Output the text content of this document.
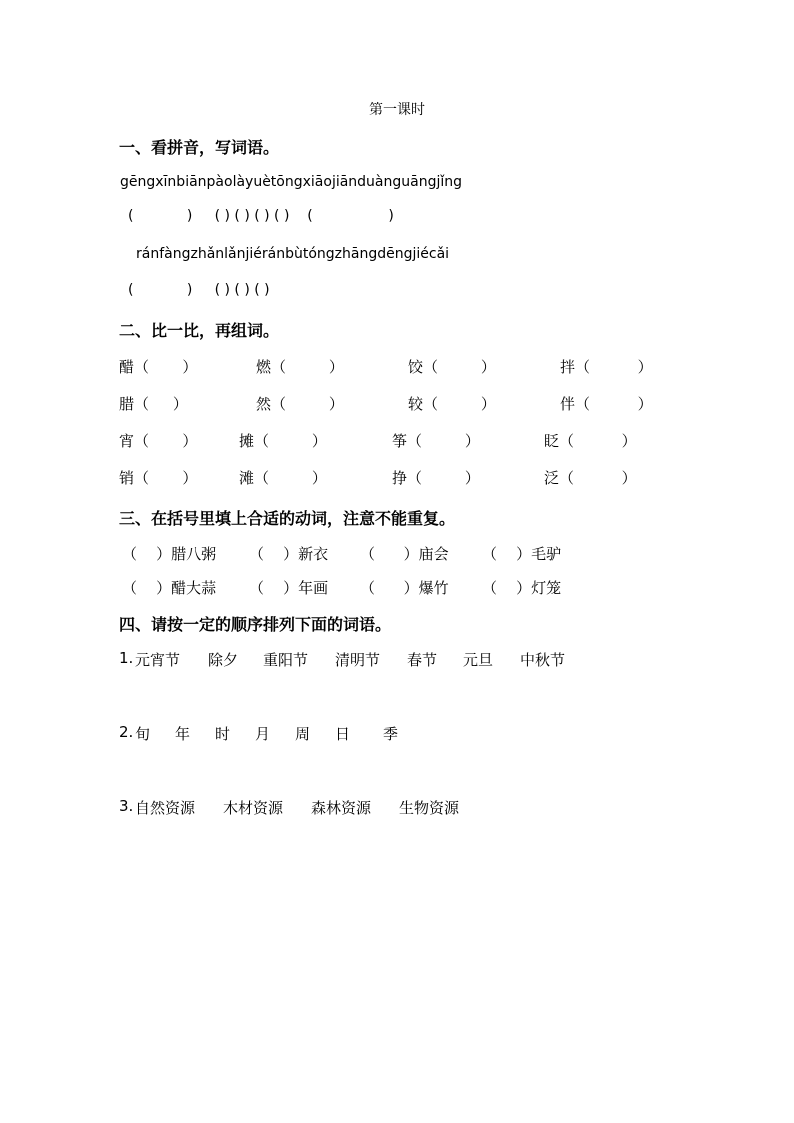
第一课时
一、看拼音，写词语。
gēngxīnbiānpàolàyuètōngxiāojiānduànguāngjǐng
(            )     ( ) ( ) ( ) ( )    (                 )
ránfàngzhǎnlǎnjiéránbùtóngzhāngdēngjiécǎi
(            )     ( ) ( ) ( )
二、比一比，再组词。
醋（       ）	燃（         ）	饺（         ）	拌（          ）
腊（     ）	然（         ）	较（         ）	伴（          ）
宵（       ）	摊（         ）	筝（         ）	眨（          ）
销（       ）	滩（         ）	挣（         ）	泛（          ）
三、在括号里填上合适的动词，注意不能重复。
（    ）腊八粥 （    ）新衣 （      ）庙会 （    ）毛驴
（    ）醋大蒜 （    ）年画 （      ）爆竹 （    ）灯笼
四、请按一定的顺序排列下面的词语。
1. 元宵节 除夕 重阳节 清明节 春节 元旦 中秋节
2. 旬 年 时 月 周 日 季
3. 自然资源 木材资源 森林资源 生物资源
